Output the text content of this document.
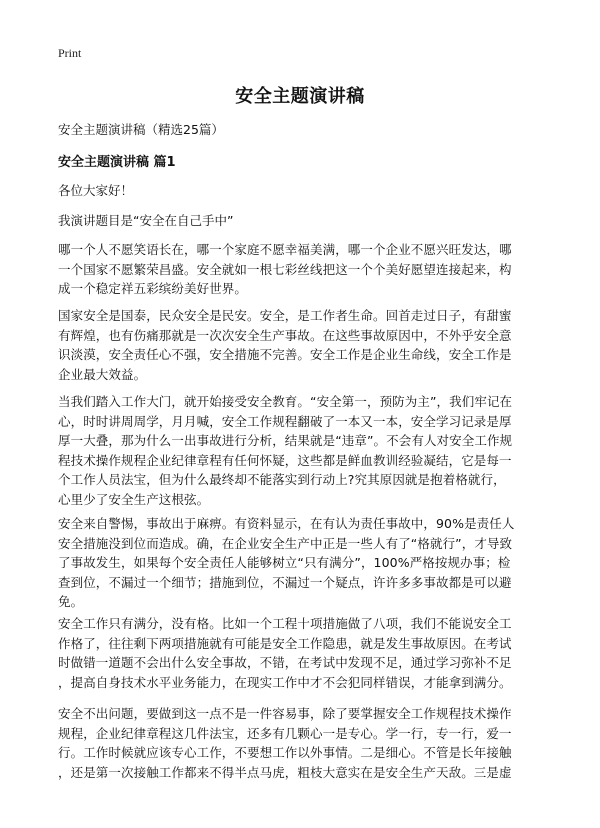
Print
安全主题演讲稿
安全主题演讲稿（精选25篇）
安全主题演讲稿 篇1
各位大家好！
我演讲题目是“安全在自己手中”
哪一个人不愿笑语长在，哪一个家庭不愿幸福美满，哪一个企业不愿兴旺发达，哪
一个国家不愿繁荣昌盛。安全就如一根七彩丝线把这一个个美好愿望连接起来，构
成一个稳定祥五彩缤纷美好世界。
国家安全是国泰，民众安全是民安。安全，是工作者生命。回首走过日子，有甜蜜
有辉煌，也有伤痛那就是一次次安全生产事故。在这些事故原因中，不外乎安全意
识淡漠，安全责任心不强，安全措施不完善。安全工作是企业生命线，安全工作是
企业最大效益。
当我们踏入工作大门，就开始接受安全教育。“安全第一，预防为主”，我们牢记在
心，时时讲周周学，月月喊，安全工作规程翻破了一本又一本，安全学习记录是厚
厚一大叠，那为什么一出事故进行分析，结果就是“违章”。不会有人对安全工作规
程技术操作规程企业纪律章程有任何怀疑，这些都是鲜血教训经验凝结，它是每一
个工作人员法宝，但为什么最终却不能落实到行动上?究其原因就是抱着格就行，
心里少了安全生产这根弦。
安全来自警惕，事故出于麻痹。有资料显示，在有认为责任事故中，90%是责任人
安全措施没到位而造成。确，在企业安全生产中正是一些人有了“格就行”，才导致
了事故发生，如果每个安全责任人能够树立“只有满分”，100%严格按规办事；检
查到位，不漏过一个细节；措施到位，不漏过一个疑点，许许多多事故都是可以避
免。
安全工作只有满分，没有格。比如一个工程十项措施做了八项，我们不能说安全工
作格了，往往剩下两项措施就有可能是安全工作隐患，就是发生事故原因。在考试
时做错一道题不会出什么安全事故，不错，在考试中发现不足，通过学习弥补不足
，提高自身技术水平业务能力，在现实工作中才不会犯同样错误，才能拿到满分。
安全不出问题，要做到这一点不是一件容易事，除了要掌握安全工作规程技术操作
规程，企业纪律章程这几件法宝，还多有几颗心一是专心。学一行，专一行，爱一
行。工作时候就应该专心工作，不要想工作以外事情。二是细心。不管是长年接触
，还是第一次接触工作都来不得半点马虎，粗枝大意实在是安全生产天敌。三是虚
